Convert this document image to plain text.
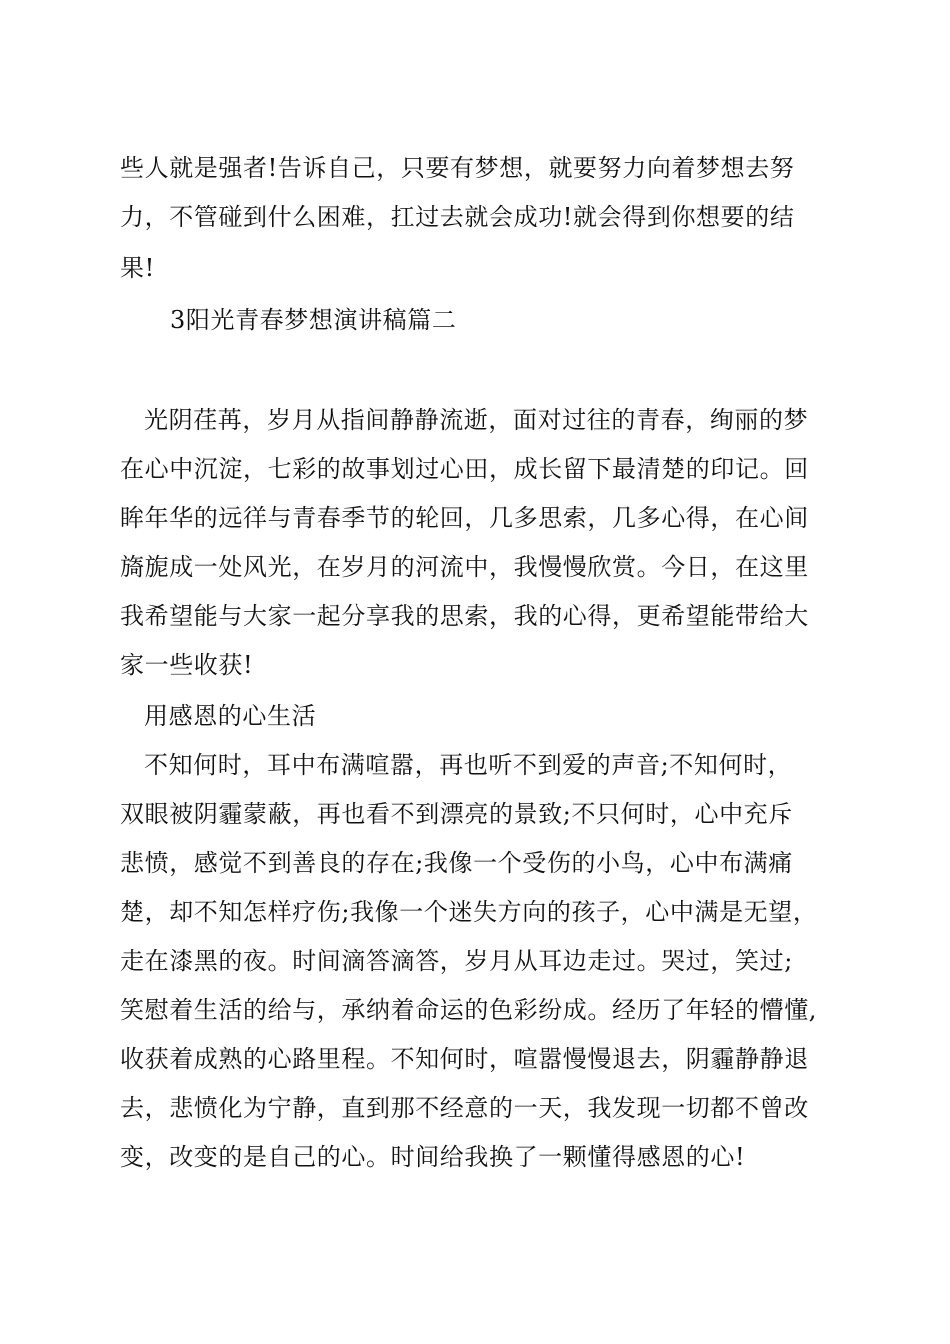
些人就是强者!告诉自己，只要有梦想，就要努力向着梦想去努
力，不管碰到什么困难，扛过去就会成功!就会得到你想要的结
果!
3阳光青春梦想演讲稿篇二
光阴荏苒，岁月从指间静静流逝，面对过往的青春，绚丽的梦
在心中沉淀，七彩的故事划过心田，成长留下最清楚的印记。回
眸年华的远徉与青春季节的轮回，几多思索，几多心得，在心间
旖旎成一处风光，在岁月的河流中，我慢慢欣赏。今日，在这里
我希望能与大家一起分享我的思索，我的心得，更希望能带给大
家一些收获!
用感恩的心生活
不知何时，耳中布满喧嚣，再也听不到爱的声音;不知何时，
双眼被阴霾蒙蔽，再也看不到漂亮的景致;不只何时，心中充斥
悲愤，感觉不到善良的存在;我像一个受伤的小鸟，心中布满痛
楚，却不知怎样疗伤;我像一个迷失方向的孩子，心中满是无望，
走在漆黑的夜。时间滴答滴答，岁月从耳边走过。哭过，笑过;
笑慰着生活的给与，承纳着命运的色彩纷成。经历了年轻的懵懂,
收获着成熟的心路里程。不知何时，喧嚣慢慢退去，阴霾静静退
去，悲愤化为宁静，直到那不经意的一天，我发现一切都不曾改
变，改变的是自己的心。时间给我换了一颗懂得感恩的心!
